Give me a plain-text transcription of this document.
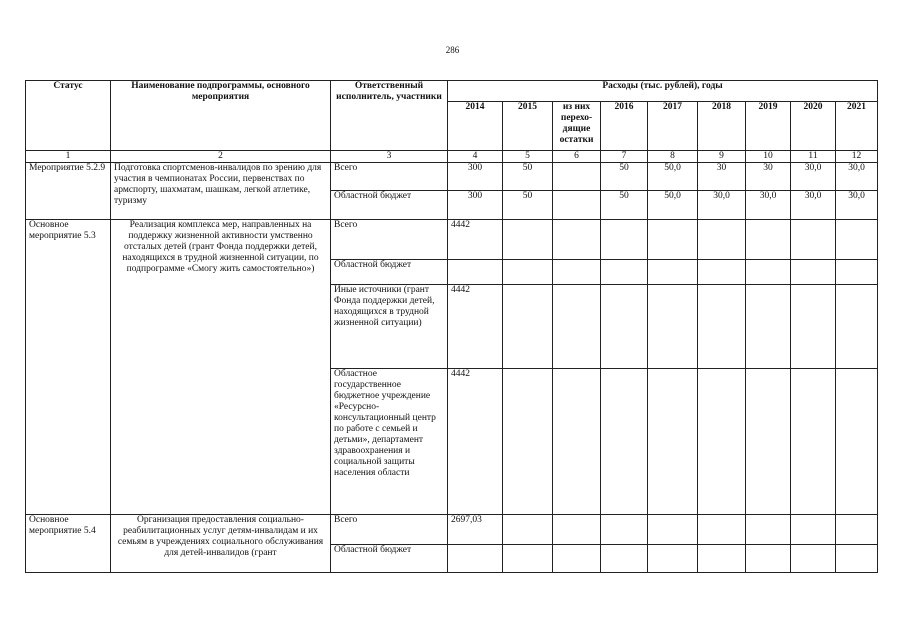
286
Статус	Наименование подпрограммы, основного мероприятия	Ответственный исполнитель, участники	Расходы (тыс. рублей), годы								
			2014	2015	из них перехо-дящие остатки	2016	2017	2018	2019	2020	2021
1	2	3	4	5	6	7	8	9	10	11	12
Мероприятие 5.2.9	Подготовка спортсменов-инвалидов по зрению для участия в чемпионатах России, первенствах по армспорту, шахматам, шашкам, легкой атлетике, туризму	Всего	300	50		50	50,0	30	30	30,0	30,0
		Областной бюджет	300	50		50	50,0	30,0	30,0	30,0	30,0
Основное мероприятие 5.3	Реализация комплекса мер, направленных на поддержку жизненной активности умственно отсталых детей (грант Фонда поддержки детей, находящихся в трудной жизненной ситуации, по подпрограмме «Смогу жить самостоятельно»)	Всего	4442								
		Областной бюджет									
		Иные источники (грант Фонда поддержки детей, находящихся в трудной жизненной ситуации)	4442								
		Областное государственное бюджетное учреждение «Ресурсно-консультационный центр по работе с семьей и детьми», департамент здравоохранения и социальной защиты населения области	4442								
Основное мероприятие 5.4	Организация предоставления социально-реабилитационных услуг детям-инвалидам и их семьям в учреждениях социального обслуживания для детей-инвалидов (грант	Всего	2697,03								
		Областной бюджет									
